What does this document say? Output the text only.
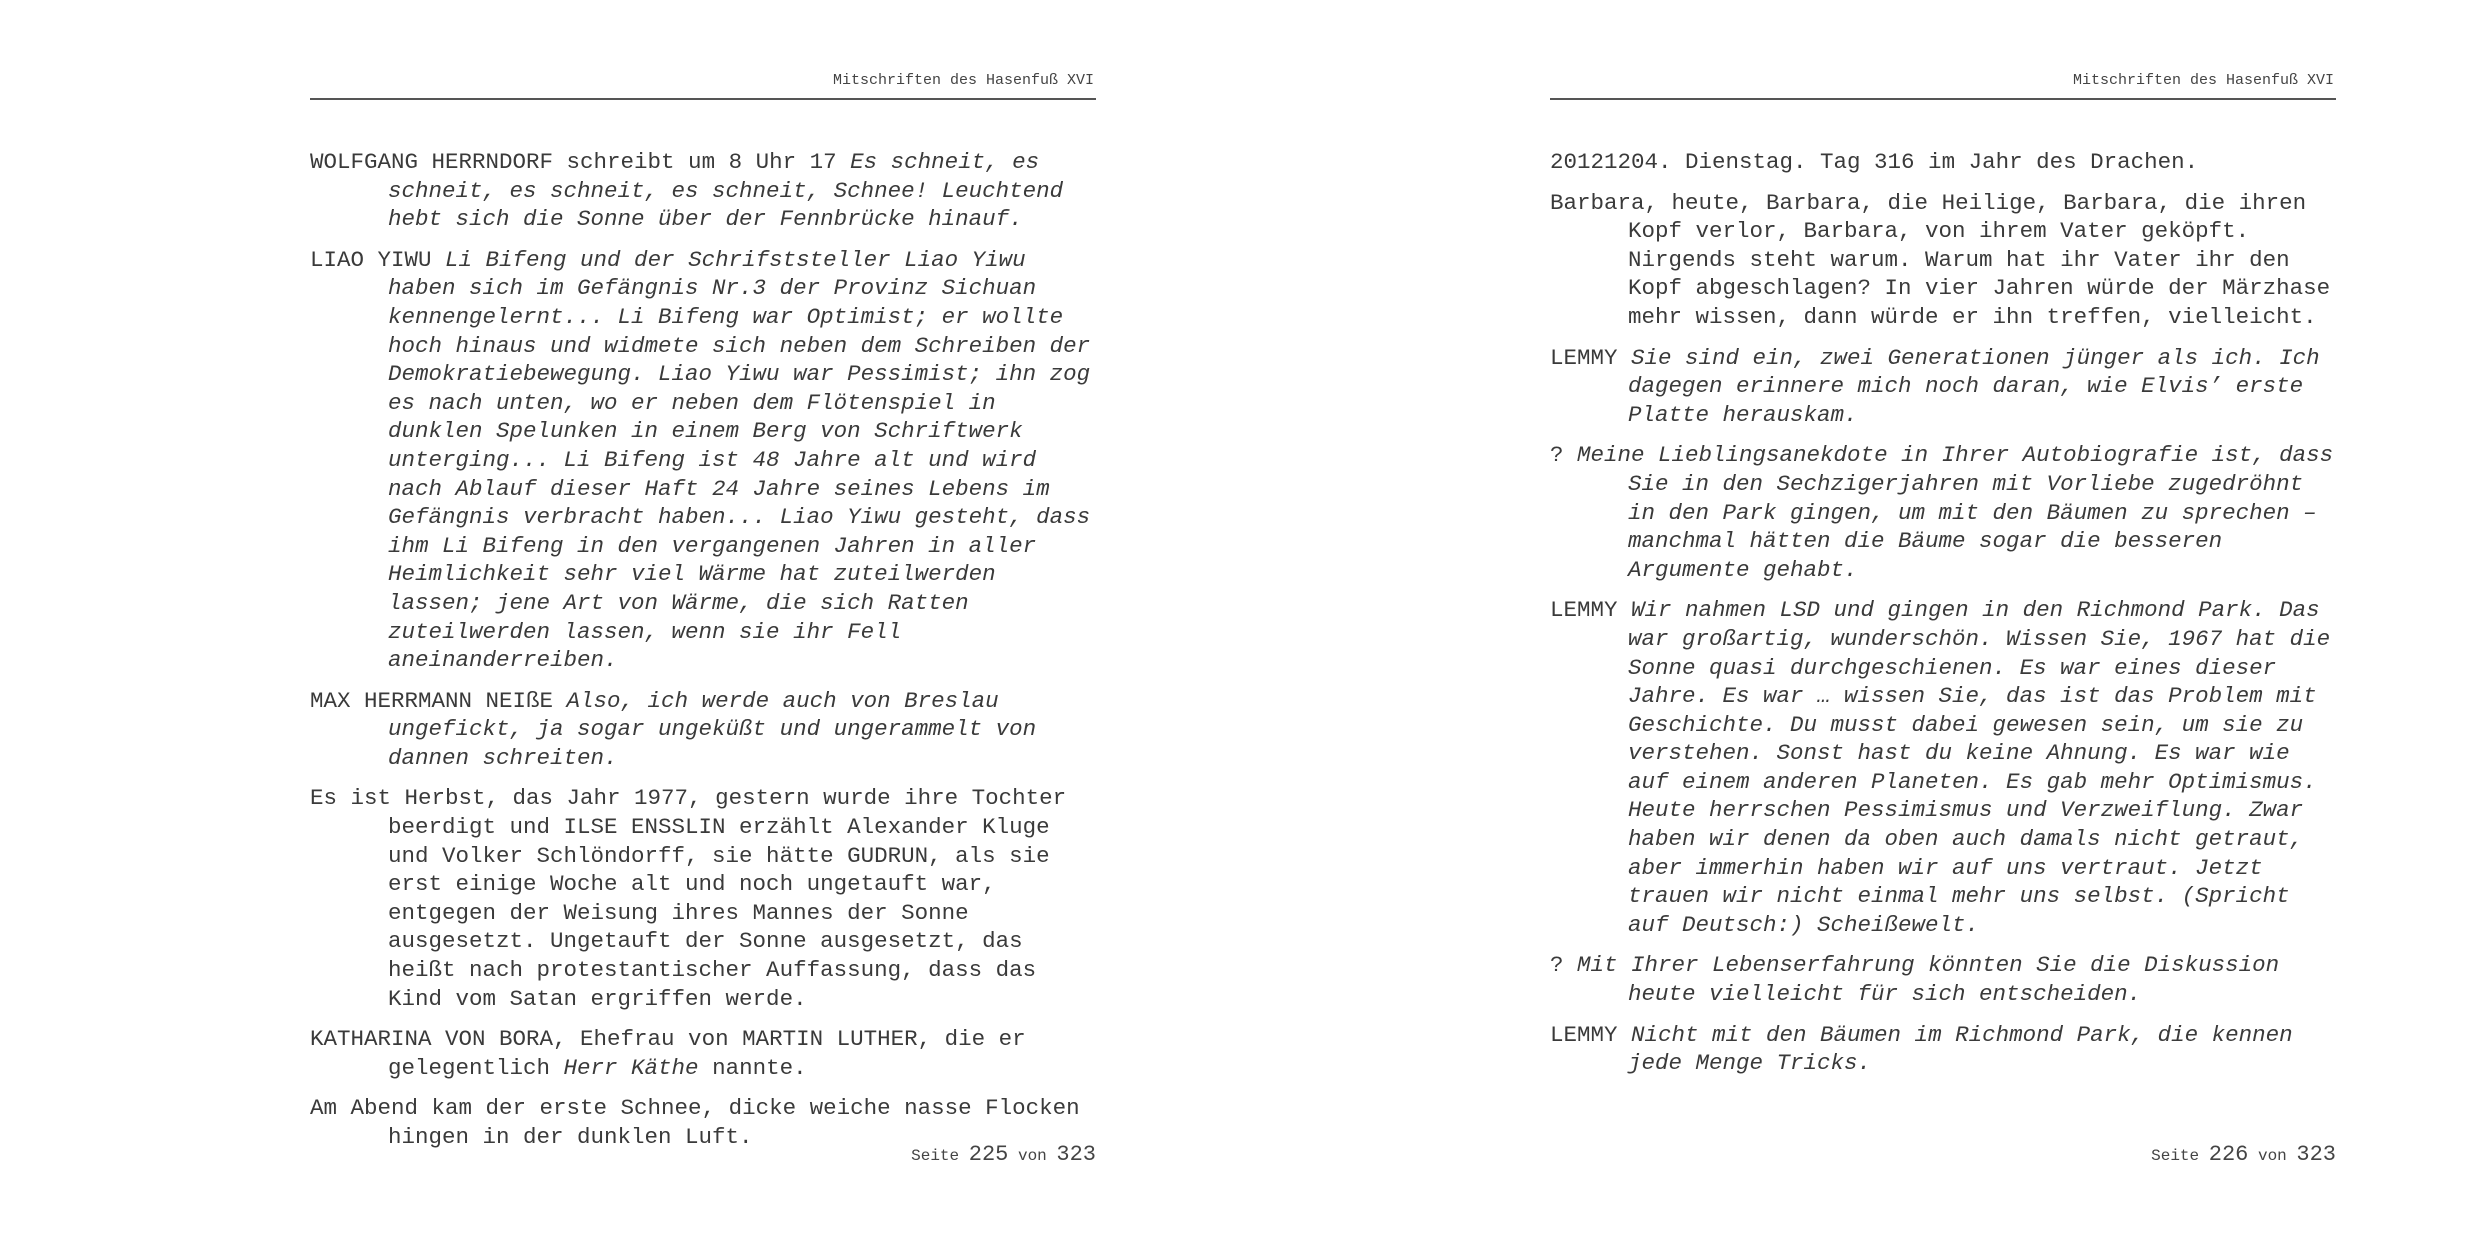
Mitschriften des Hasenfuß XVI

WOLFGANG HERRNDORF schreibt um 8 Uhr 17 Es schneit, es schneit, es schneit, es schneit, Schnee! Leuchtend hebt sich die Sonne über der Fennbrücke hinauf.

LIAO YIWU Li Bifeng und der Schrifststeller Liao Yiwu haben sich im Gefängnis Nr.3 der Provinz Sichuan kennengelernt... Li Bifeng war Optimist; er wollte hoch hinaus und widmete sich neben dem Schreiben der Demokratiebewegung. Liao Yiwu war Pessimist; ihn zog es nach unten, wo er neben dem Flötenspiel in dunklen Spelunken in einem Berg von Schriftwerk unterging... Li Bifeng ist 48 Jahre alt und wird nach Ablauf dieser Haft 24 Jahre seines Lebens im Gefängnis verbracht haben... Liao Yiwu gesteht, dass ihm Li Bifeng in den vergangenen Jahren in aller Heimlichkeit sehr viel Wärme hat zuteilwerden lassen; jene Art von Wärme, die sich Ratten zuteilwerden lassen, wenn sie ihr Fell aneinanderreiben.

MAX HERRMANN NEIßE Also, ich werde auch von Breslau ungefickt, ja sogar ungeküßt und ungerammelt von dannen schreiten.

Es ist Herbst, das Jahr 1977, gestern wurde ihre Tochter beerdigt und ILSE ENSSLIN erzählt Alexander Kluge und Volker Schlöndorff, sie hätte GUDRUN, als sie erst einige Woche alt und noch ungetauft war, entgegen der Weisung ihres Mannes der Sonne ausgesetzt. Ungetauft der Sonne ausgesetzt, das heißt nach protestantischer Auffassung, dass das Kind vom Satan ergriffen werde.

KATHARINA VON BORA, Ehefrau von MARTIN LUTHER, die er gelegentlich Herr Käthe nannte.

Am Abend kam der erste Schnee, dicke weiche nasse Flocken hingen in der dunklen Luft.

Seite 225 von 323
Mitschriften des Hasenfuß XVI

20121204. Dienstag. Tag 316 im Jahr des Drachen.

Barbara, heute, Barbara, die Heilige, Barbara, die ihren Kopf verlor, Barbara, von ihrem Vater geköpft. Nirgends steht warum. Warum hat ihr Vater ihr den Kopf abgeschlagen? In vier Jahren würde der Märzhase mehr wissen, dann würde er ihn treffen, vielleicht.

LEMMY Sie sind ein, zwei Generationen jünger als ich. Ich dagegen erinnere mich noch daran, wie Elvis’ erste Platte herauskam.

? Meine Lieblingsanekdote in Ihrer Autobiografie ist, dass Sie in den Sechzigerjahren mit Vorliebe zugedröhnt in den Park gingen, um mit den Bäumen zu sprechen – manchmal hätten die Bäume sogar die besseren Argumente gehabt.

LEMMY Wir nahmen LSD und gingen in den Richmond Park. Das war großartig, wunderschön. Wissen Sie, 1967 hat die Sonne quasi durchgeschienen. Es war eines dieser Jahre. Es war … wissen Sie, das ist das Problem mit Geschichte. Du musst dabei gewesen sein, um sie zu verstehen. Sonst hast du keine Ahnung. Es war wie auf einem anderen Planeten. Es gab mehr Optimismus. Heute herrschen Pessimismus und Verzweiflung. Zwar haben wir denen da oben auch damals nicht getraut, aber immerhin haben wir auf uns vertraut. Jetzt trauen wir nicht einmal mehr uns selbst. (Spricht auf Deutsch:) Scheißewelt.

? Mit Ihrer Lebenserfahrung könnten Sie die Diskussion heute vielleicht für sich entscheiden.

LEMMY Nicht mit den Bäumen im Richmond Park, die kennen jede Menge Tricks.

Seite 226 von 323
